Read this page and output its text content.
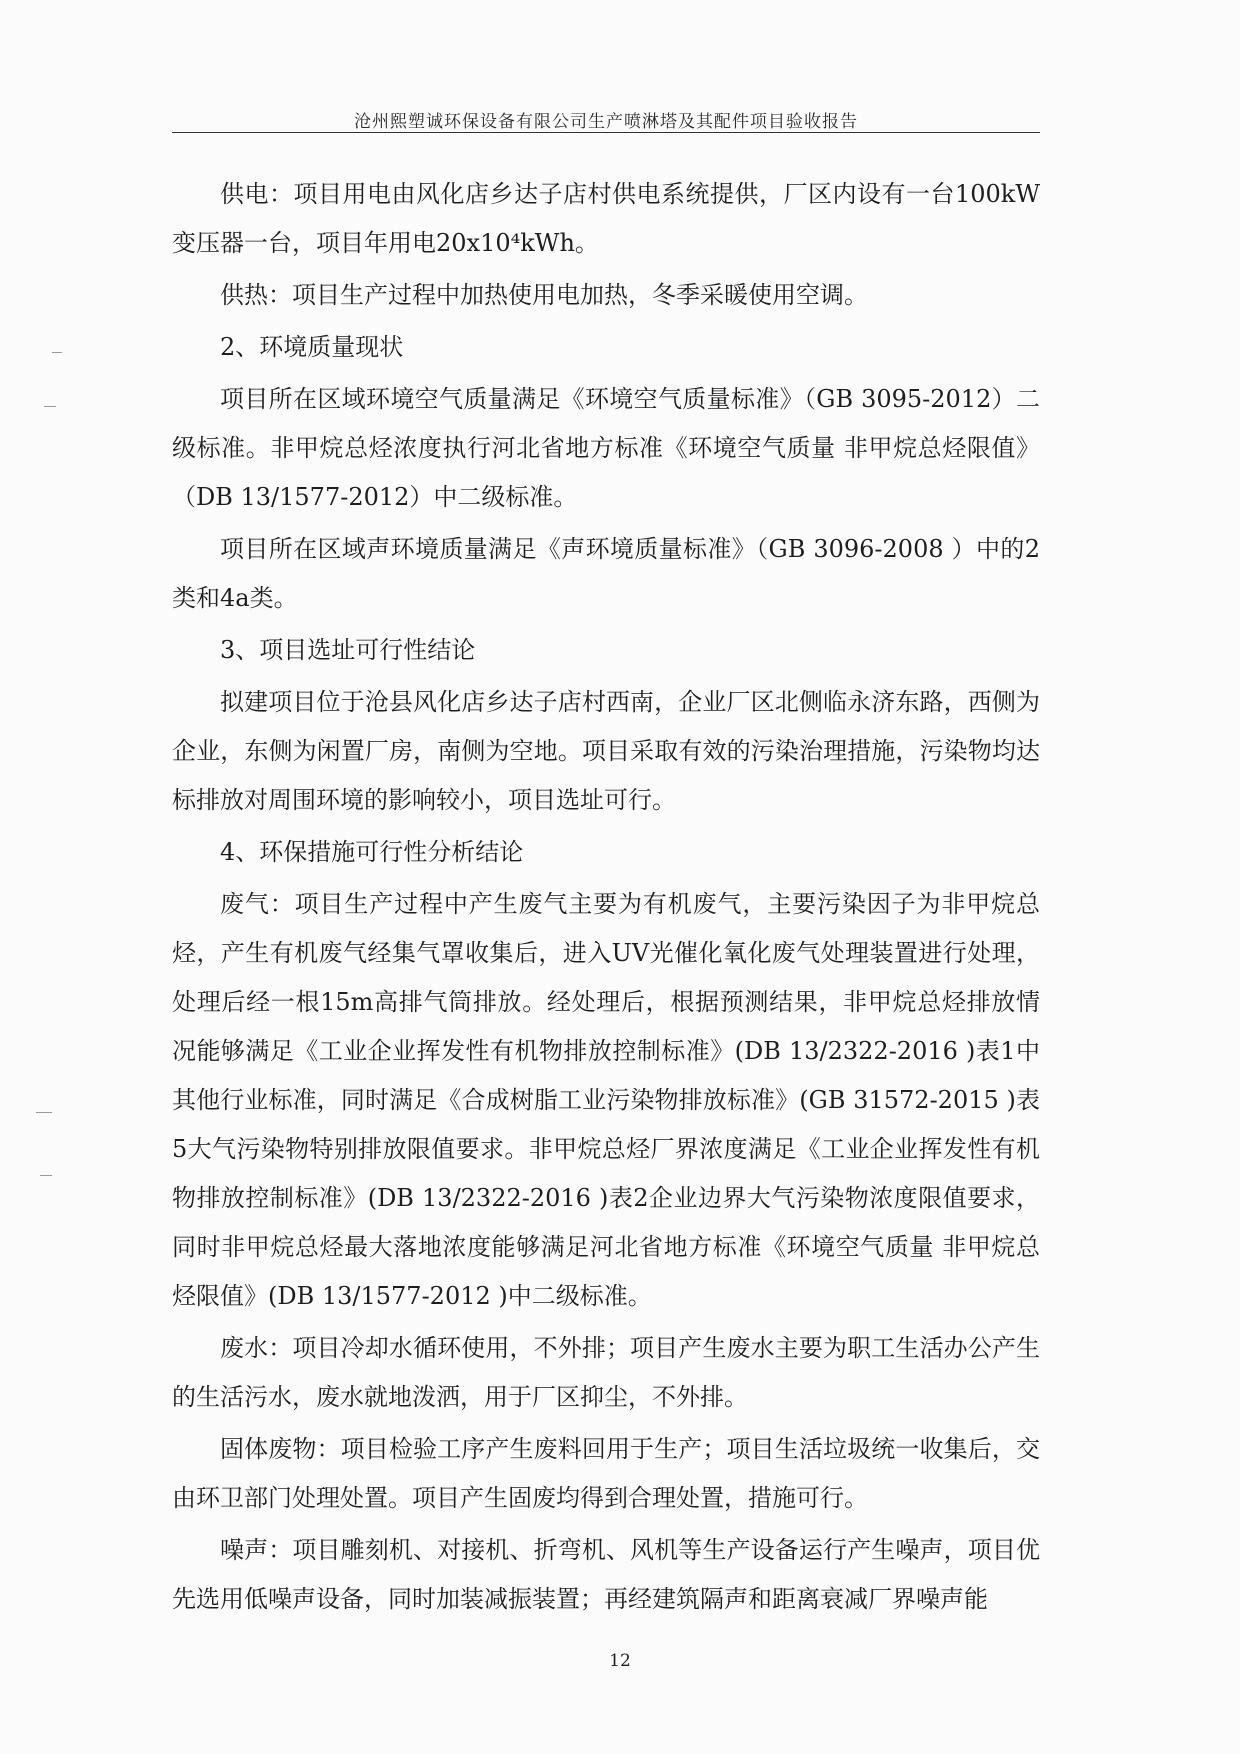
沧州熙塑诚环保设备有限公司生产喷淋塔及其配件项目验收报告

供电：项目用电由风化店乡达子店村供电系统提供，厂区内设有一台100kW变压器一台，项目年用电20x10⁴kWh。

供热：项目生产过程中加热使用电加热，冬季采暖使用空调。

2、环境质量现状

项目所在区域环境空气质量满足《环境空气质量标准》（GB 3095-2012）二级标准。非甲烷总烃浓度执行河北省地方标准《环境空气质量 非甲烷总烃限值》（DB 13/1577-2012）中二级标准。

项目所在区域声环境质量满足《声环境质量标准》（GB 3096-2008 ）中的2类和4a类。

3、项目选址可行性结论

拟建项目位于沧县风化店乡达子店村西南，企业厂区北侧临永济东路，西侧为企业，东侧为闲置厂房，南侧为空地。项目采取有效的污染治理措施，污染物均达标排放对周围环境的影响较小，项目选址可行。

4、环保措施可行性分析结论

废气：项目生产过程中产生废气主要为有机废气，主要污染因子为非甲烷总烃，产生有机废气经集气罩收集后，进入UV光催化氧化废气处理装置进行处理，处理后经一根15m高排气筒排放。经处理后，根据预测结果，非甲烷总烃排放情况能够满足《工业企业挥发性有机物排放控制标准》(DB 13/2322-2016 )表1中其他行业标准，同时满足《合成树脂工业污染物排放标准》(GB 31572-2015 )表5大气污染物特别排放限值要求。非甲烷总烃厂界浓度满足《工业企业挥发性有机物排放控制标准》(DB 13/2322-2016 )表2企业边界大气污染物浓度限值要求，同时非甲烷总烃最大落地浓度能够满足河北省地方标准《环境空气质量 非甲烷总烃限值》(DB 13/1577-2012 )中二级标准。

废水：项目冷却水循环使用，不外排；项目产生废水主要为职工生活办公产生 的生活污水，废水就地泼洒，用于厂区抑尘，不外排。

固体废物：项目检验工序产生废料回用于生产；项目生活垃圾统一收集后，交由环卫部门处理处置。项目产生固废均得到合理处置，措施可行。

噪声：项目雕刻机、对接机、折弯机、风机等生产设备运行产生噪声，项目优先选用低噪声设备，同时加装减振装置；再经建筑隔声和距离衰减厂界噪声能

12
